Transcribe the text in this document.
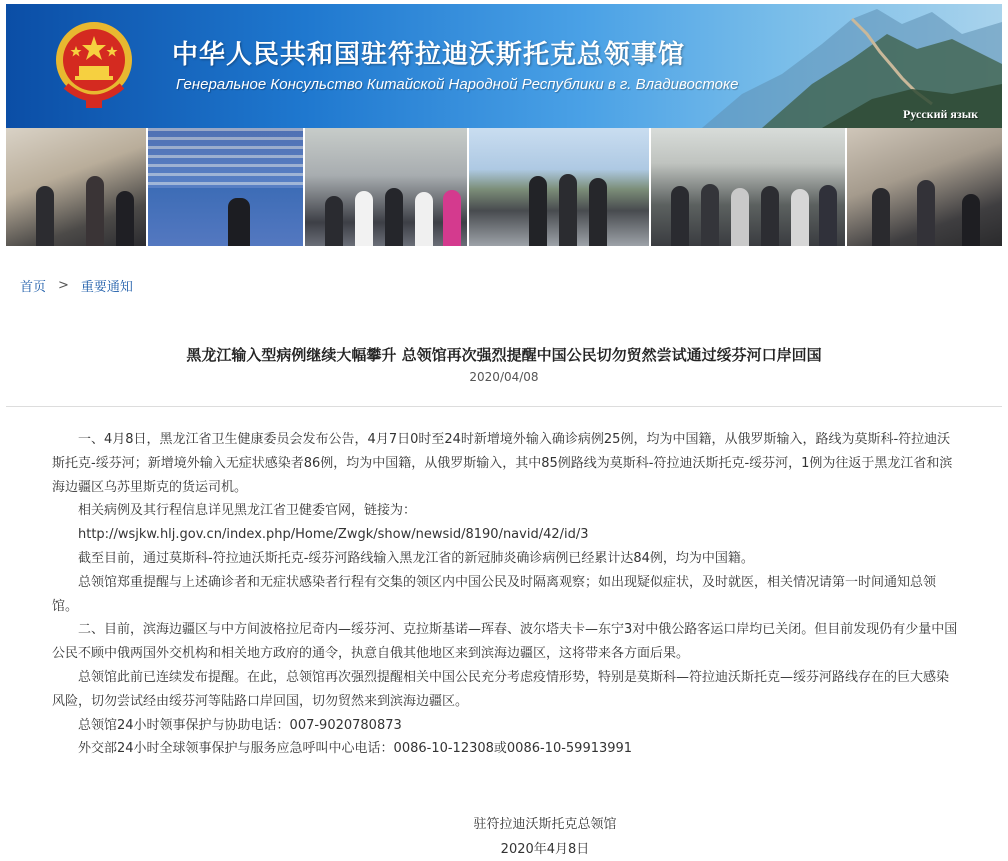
中华人民共和国驻符拉迪沃斯托克总领事馆
Генеральное Консульство Китайской Народной Республики в г. Владивостоке
Русский язык
首页 > 重要通知
黑龙江输入型病例继续大幅攀升 总领馆再次强烈提醒中国公民切勿贸然尝试通过绥芬河口岸回国
2020/04/08

一、4月8日，黑龙江省卫生健康委员会发布公告，4月7日0时至24时新增境外输入确诊病例25例，均为中国籍，从俄罗斯输入，路线为莫斯科-符拉迪沃斯托克-绥芬河；新增境外输入无症状感染者86例，均为中国籍，从俄罗斯输入，其中85例路线为莫斯科-符拉迪沃斯托克-绥芬河，1例为往返于黑龙江省和滨海边疆区乌苏里斯克的货运司机。

相关病例及其行程信息详见黑龙江省卫健委官网，链接为：

http://wsjkw.hlj.gov.cn/index.php/Home/Zwgk/show/newsid/8190/navid/42/id/3

截至目前，通过莫斯科-符拉迪沃斯托克-绥芬河路线输入黑龙江省的新冠肺炎确诊病例已经累计达84例，均为中国籍。

总领馆郑重提醒与上述确诊者和无症状感染者行程有交集的领区内中国公民及时隔离观察；如出现疑似症状，及时就医，相关情况请第一时间通知总领馆。

二、目前，滨海边疆区与中方间波格拉尼奇内—绥芬河、克拉斯基诺—珲春、波尔塔夫卡—东宁3对中俄公路客运口岸均已关闭。但目前发现仍有少量中国公民不顾中俄两国外交机构和相关地方政府的通令，执意自俄其他地区来到滨海边疆区，这将带来各方面后果。

总领馆此前已连续发布提醒。在此，总领馆再次强烈提醒相关中国公民充分考虑疫情形势，特别是莫斯科—符拉迪沃斯托克—绥芬河路线存在的巨大感染风险，切勿尝试经由绥芬河等陆路口岸回国，切勿贸然来到滨海边疆区。

总领馆24小时领事保护与协助电话：007-9020780873

外交部24小时全球领事保护与服务应急呼叫中心电话：0086-10-12308或0086-10-59913991

驻符拉迪沃斯托克总领馆
2020年4月8日
